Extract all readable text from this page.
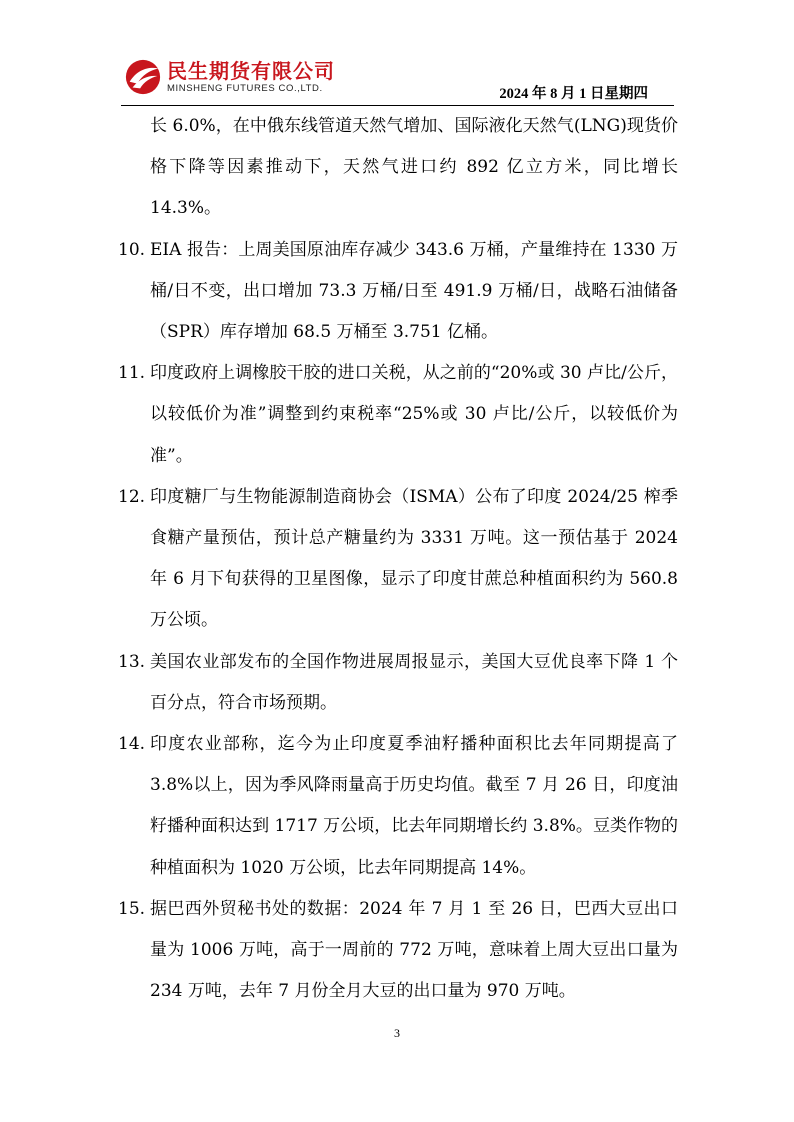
民生期货有限公司
MINSHENG FUTURES CO.,LTD.	2024 年 8 月 1 日星期四
长 6.0%，在中俄东线管道天然气增加、国际液化天然气(LNG)现货价格下降等因素推动下，天然气进口约 892 亿立方米，同比增长 14.3%。
10. EIA 报告：上周美国原油库存减少 343.6 万桶，产量维持在 1330 万桶/日不变，出口增加 73.3 万桶/日至 491.9 万桶/日，战略石油储备（SPR）库存增加 68.5 万桶至 3.751 亿桶。
11. 印度政府上调橡胶干胶的进口关税，从之前的“20%或 30 卢比/公斤，以较低价为准”调整到约束税率“25%或 30 卢比/公斤，以较低价为准”。
12. 印度糖厂与生物能源制造商协会（ISMA）公布了印度 2024/25 榨季食糖产量预估，预计总产糖量约为 3331 万吨。这一预估基于 2024 年 6 月下旬获得的卫星图像，显示了印度甘蔗总种植面积约为 560.8 万公顷。
13. 美国农业部发布的全国作物进展周报显示，美国大豆优良率下降 1 个百分点，符合市场预期。
14. 印度农业部称，迄今为止印度夏季油籽播种面积比去年同期提高了 3.8%以上，因为季风降雨量高于历史均值。截至 7 月 26 日，印度油籽播种面积达到 1717 万公顷，比去年同期增长约 3.8%。豆类作物的种植面积为 1020 万公顷，比去年同期提高 14%。
15. 据巴西外贸秘书处的数据：2024 年 7 月 1 至 26 日，巴西大豆出口量为 1006 万吨，高于一周前的 772 万吨，意味着上周大豆出口量为 234 万吨，去年 7 月份全月大豆的出口量为 970 万吨。
3
